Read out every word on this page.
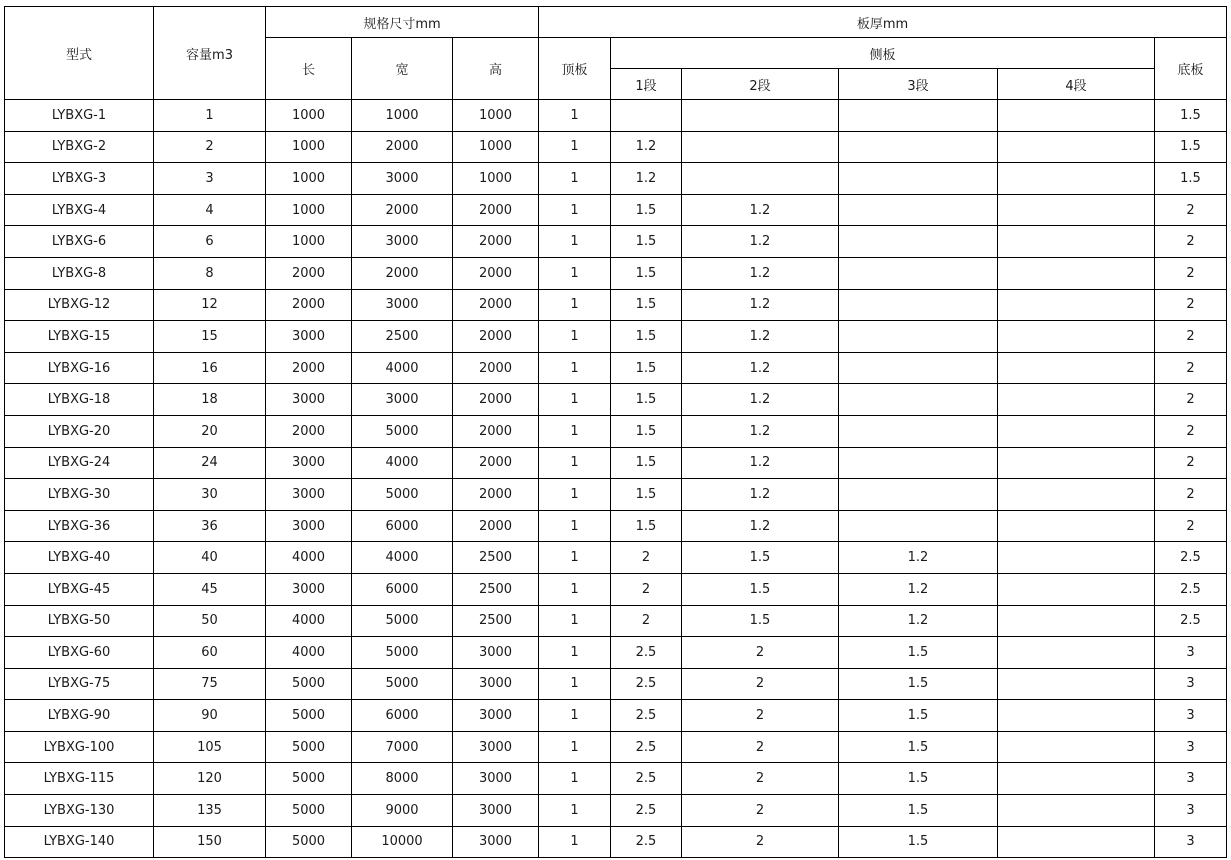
型式	容量m3	规格尺寸mm			板厚mm					
		长	宽	高	顶板	侧板				底板
						1段	2段	3段	4段	
LYBXG-1	1	1000	1000	1000	1					1.5
LYBXG-2	2	1000	2000	1000	1	1.2				1.5
LYBXG-3	3	1000	3000	1000	1	1.2				1.5
LYBXG-4	4	1000	2000	2000	1	1.5	1.2			2
LYBXG-6	6	1000	3000	2000	1	1.5	1.2			2
LYBXG-8	8	2000	2000	2000	1	1.5	1.2			2
LYBXG-12	12	2000	3000	2000	1	1.5	1.2			2
LYBXG-15	15	3000	2500	2000	1	1.5	1.2			2
LYBXG-16	16	2000	4000	2000	1	1.5	1.2			2
LYBXG-18	18	3000	3000	2000	1	1.5	1.2			2
LYBXG-20	20	2000	5000	2000	1	1.5	1.2			2
LYBXG-24	24	3000	4000	2000	1	1.5	1.2			2
LYBXG-30	30	3000	5000	2000	1	1.5	1.2			2
LYBXG-36	36	3000	6000	2000	1	1.5	1.2			2
LYBXG-40	40	4000	4000	2500	1	2	1.5	1.2		2.5
LYBXG-45	45	3000	6000	2500	1	2	1.5	1.2		2.5
LYBXG-50	50	4000	5000	2500	1	2	1.5	1.2		2.5
LYBXG-60	60	4000	5000	3000	1	2.5	2	1.5		3
LYBXG-75	75	5000	5000	3000	1	2.5	2	1.5		3
LYBXG-90	90	5000	6000	3000	1	2.5	2	1.5		3
LYBXG-100	105	5000	7000	3000	1	2.5	2	1.5		3
LYBXG-115	120	5000	8000	3000	1	2.5	2	1.5		3
LYBXG-130	135	5000	9000	3000	1	2.5	2	1.5		3
LYBXG-140	150	5000	10000	3000	1	2.5	2	1.5		3
